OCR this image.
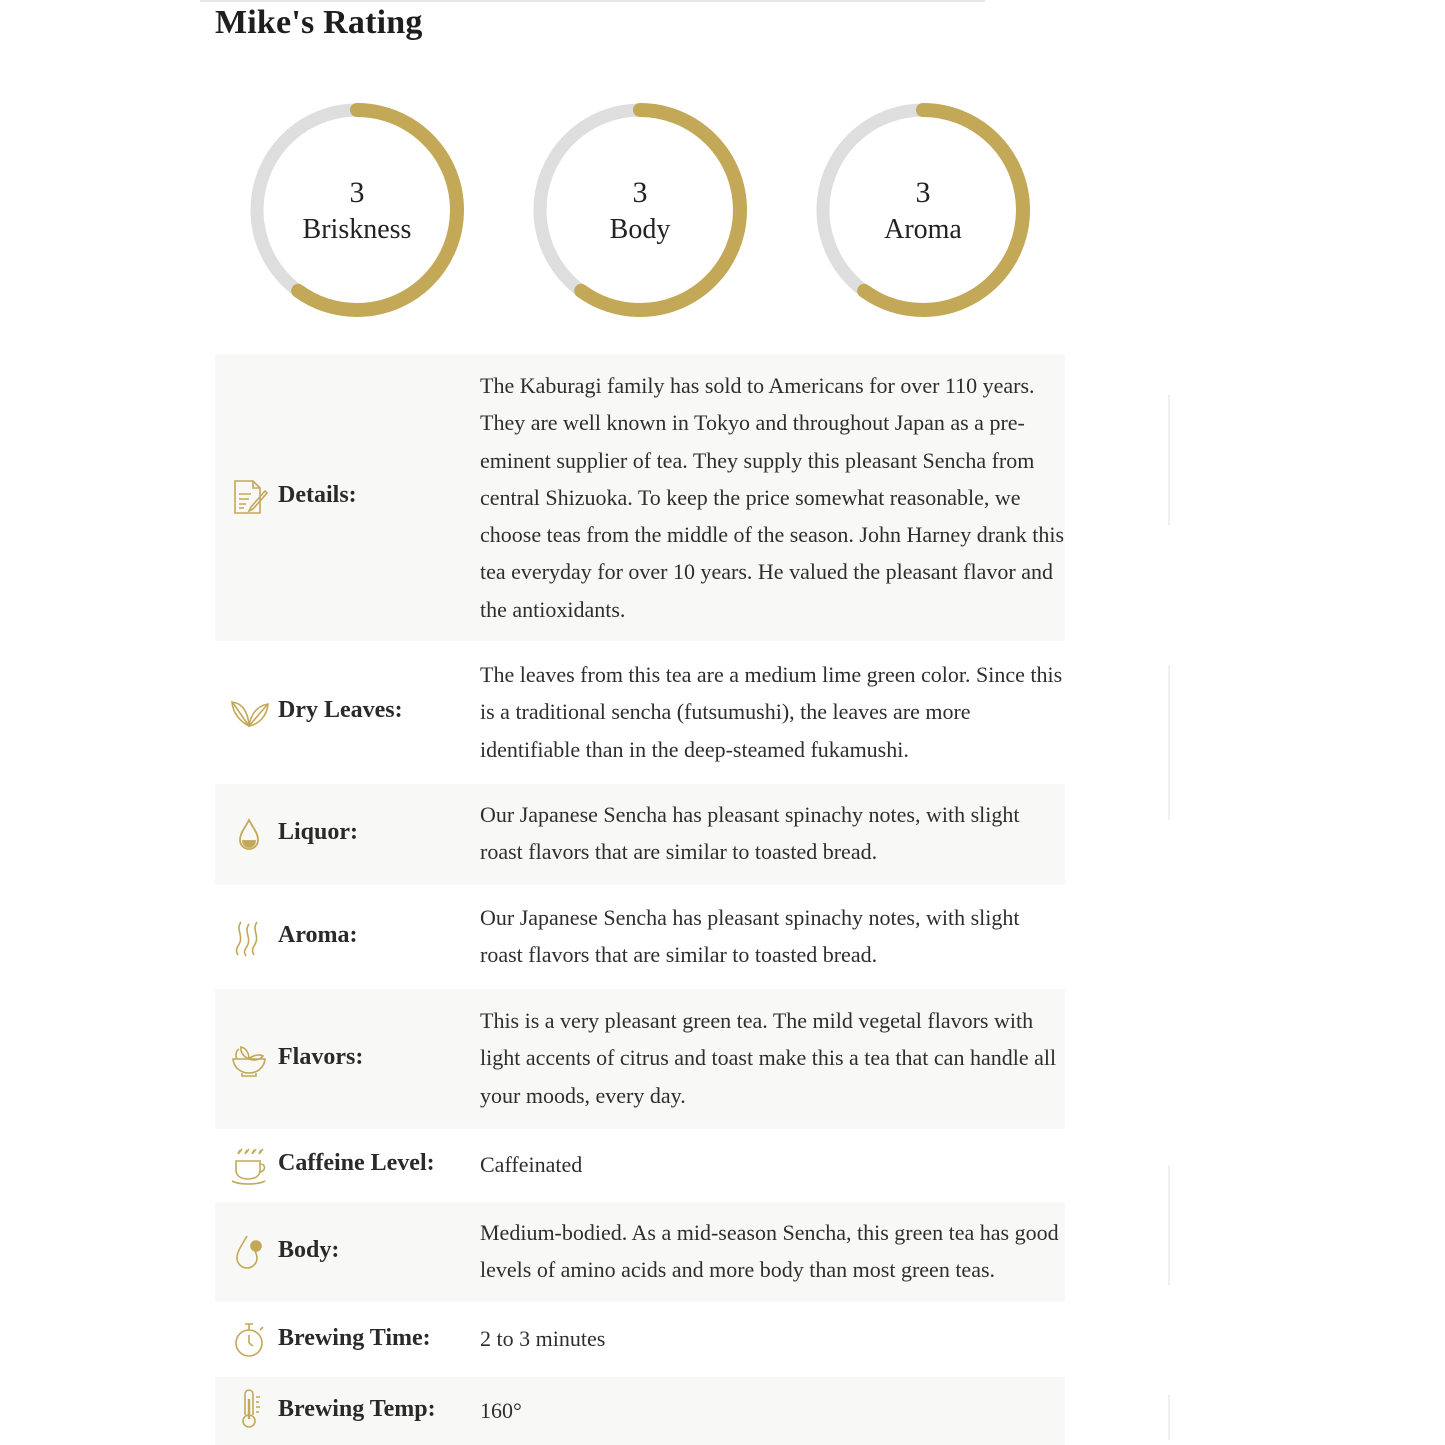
Mike's Rating
3
Briskness
3
Body
3
Aroma
Details:
The Kaburagi family has sold to Americans for over 110 years. They are well known in Tokyo and throughout Japan as a pre-eminent supplier of tea. They supply this pleasant Sencha from central Shizuoka. To keep the price somewhat reasonable, we choose teas from the middle of the season. John Harney drank this tea everyday for over 10 years. He valued the pleasant flavor and the antioxidants.
Dry Leaves:
The leaves from this tea are a medium lime green color. Since this is a traditional sencha (futsumushi), the leaves are more identifiable than in the deep-steamed fukamushi.
Liquor:
Our Japanese Sencha has pleasant spinachy notes, with slight roast flavors that are similar to toasted bread.
Aroma:
Our Japanese Sencha has pleasant spinachy notes, with slight roast flavors that are similar to toasted bread.
Flavors:
This is a very pleasant green tea. The mild vegetal flavors with light accents of citrus and toast make this a tea that can handle all your moods, every day.
Caffeine Level: Caffeinated
Body:
Medium-bodied. As a mid-season Sencha, this green tea has good levels of amino acids and more body than most green teas.
Brewing Time: 2 to 3 minutes
Brewing Temp: 160°
